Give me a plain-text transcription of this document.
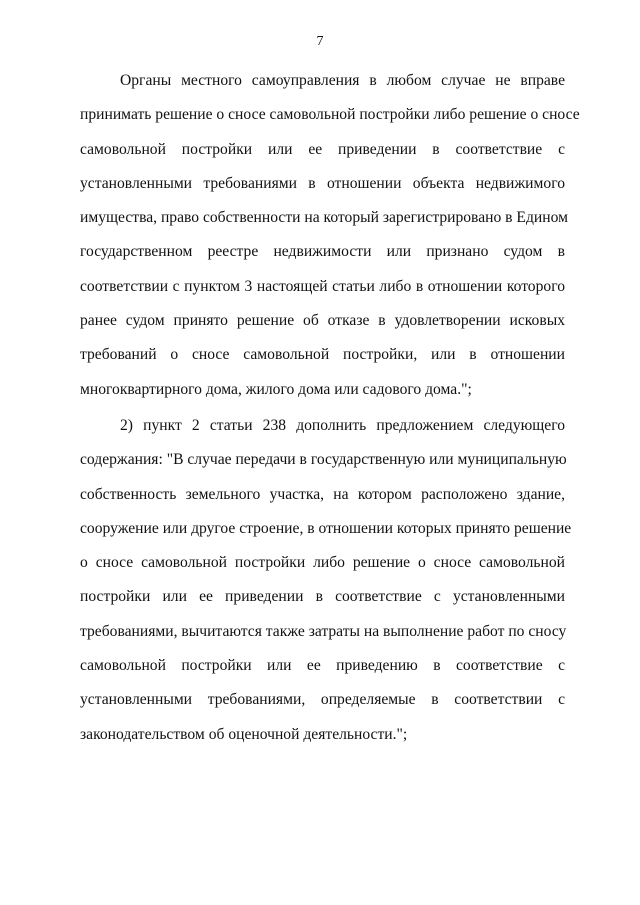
7

Органы местного самоуправления в любом случае не вправе
принимать решение о сносе самовольной постройки либо решение о сносе
самовольной постройки или ее приведении в соответствие с
установленными требованиями в отношении объекта недвижимого
имущества, право собственности на который зарегистрировано в Едином
государственном реестре недвижимости или признано судом в
соответствии с пунктом 3 настоящей статьи либо в отношении которого
ранее судом принято решение об отказе в удовлетворении исковых
требований о сносе самовольной постройки, или в отношении
многоквартирного дома, жилого дома или садового дома.";

2) пункт 2 статьи 238 дополнить предложением следующего
содержания: "В случае передачи в государственную или муниципальную
собственность земельного участка, на котором расположено здание,
сооружение или другое строение, в отношении которых принято решение
о сносе самовольной постройки либо решение о сносе самовольной
постройки или ее приведении в соответствие с установленными
требованиями, вычитаются также затраты на выполнение работ по сносу
самовольной постройки или ее приведению в соответствие с
установленными требованиями, определяемые в соответствии с
законодательством об оценочной деятельности.";
